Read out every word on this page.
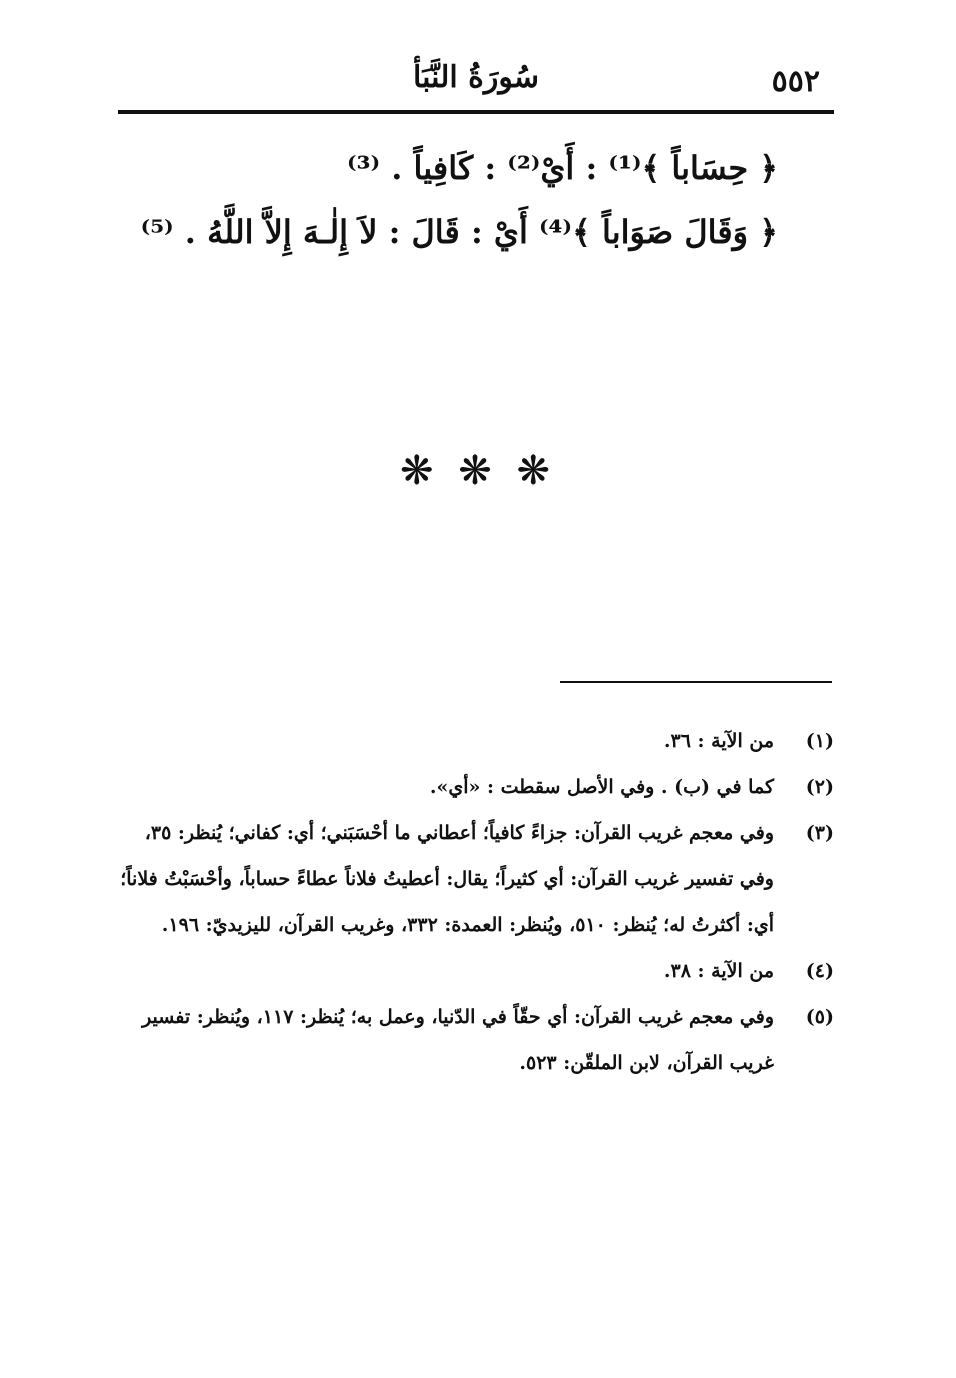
٥٥٢
سُورَةُ النَّبَأ

﴿ حِسَاباً ﴾⁽¹⁾ : أَيْ⁽²⁾ : كَافِياً . ⁽³⁾

﴿ وَقَالَ صَوَاباً ﴾⁽⁴⁾ أَيْ : قَالَ : لاَ إِلٰـهَ إِلاَّ اللَّهُ . ⁽⁵⁾

❋ ❋ ❋
(١)
من الآية : ٣٦.
(٢)
كما في (ب) . وفي الأصل سقطت : «أي».
(٣)
وفي معجم غريب القرآن: جزاءً كافياً؛ أعطاني ما أحْسَبَني؛ أي: كفاني؛ يُنظر: ٣٥، وفي تفسير غريب القرآن: أي كثيراً؛ يقال: أعطيتُ فلاناً عطاءً حساباً، وأحْسَبْتُ فلاناً؛ أي: أكثرتُ له؛ يُنظر: ٥١٠، ويُنظر: العمدة: ٣٣٢، وغريب القرآن، لليزيديّ: ١٩٦.
(٤)
من الآية : ٣٨.
(٥)
وفي معجم غريب القرآن: أي حقّاً في الدّنيا، وعمل به؛ يُنظر: ١١٧، ويُنظر: تفسير غريب القرآن، لابن الملقّن: ٥٢٣.
